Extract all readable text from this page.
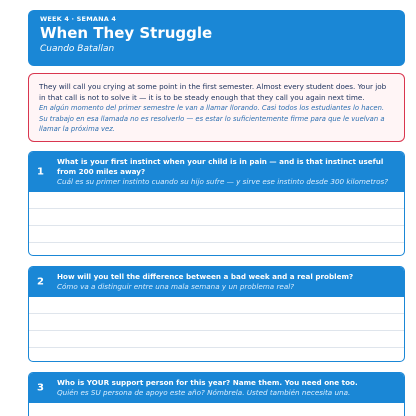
WEEK 4 · SEMANA 4
When They Struggle
Cuando Batallan
They will call you crying at some point in the first semester. Almost every student does. Your job in that call is not to solve it — it is to be steady enough that they call you again next time.
En algún momento del primer semestre le van a llamar llorando. Casi todos los estudiantes lo hacen. Su trabajo en esa llamada no es resolverlo — es estar lo suficientemente firme para que le vuelvan a llamar la próxima vez.
1
What is your first instinct when your child is in pain — and is that instinct useful from 200 miles away?
Cuál es su primer instinto cuando su hijo sufre — y sirve ese instinto desde 300 kilometros?
2 How will you tell the difference between a bad week and a real problem?
Cómo va a distinguir entre una mala semana y un problema real?
3 Who is YOUR support person for this year? Name them. You need one too.
Quién es SU persona de apoyo este año? Nómbrela. Usted también necesita una.
